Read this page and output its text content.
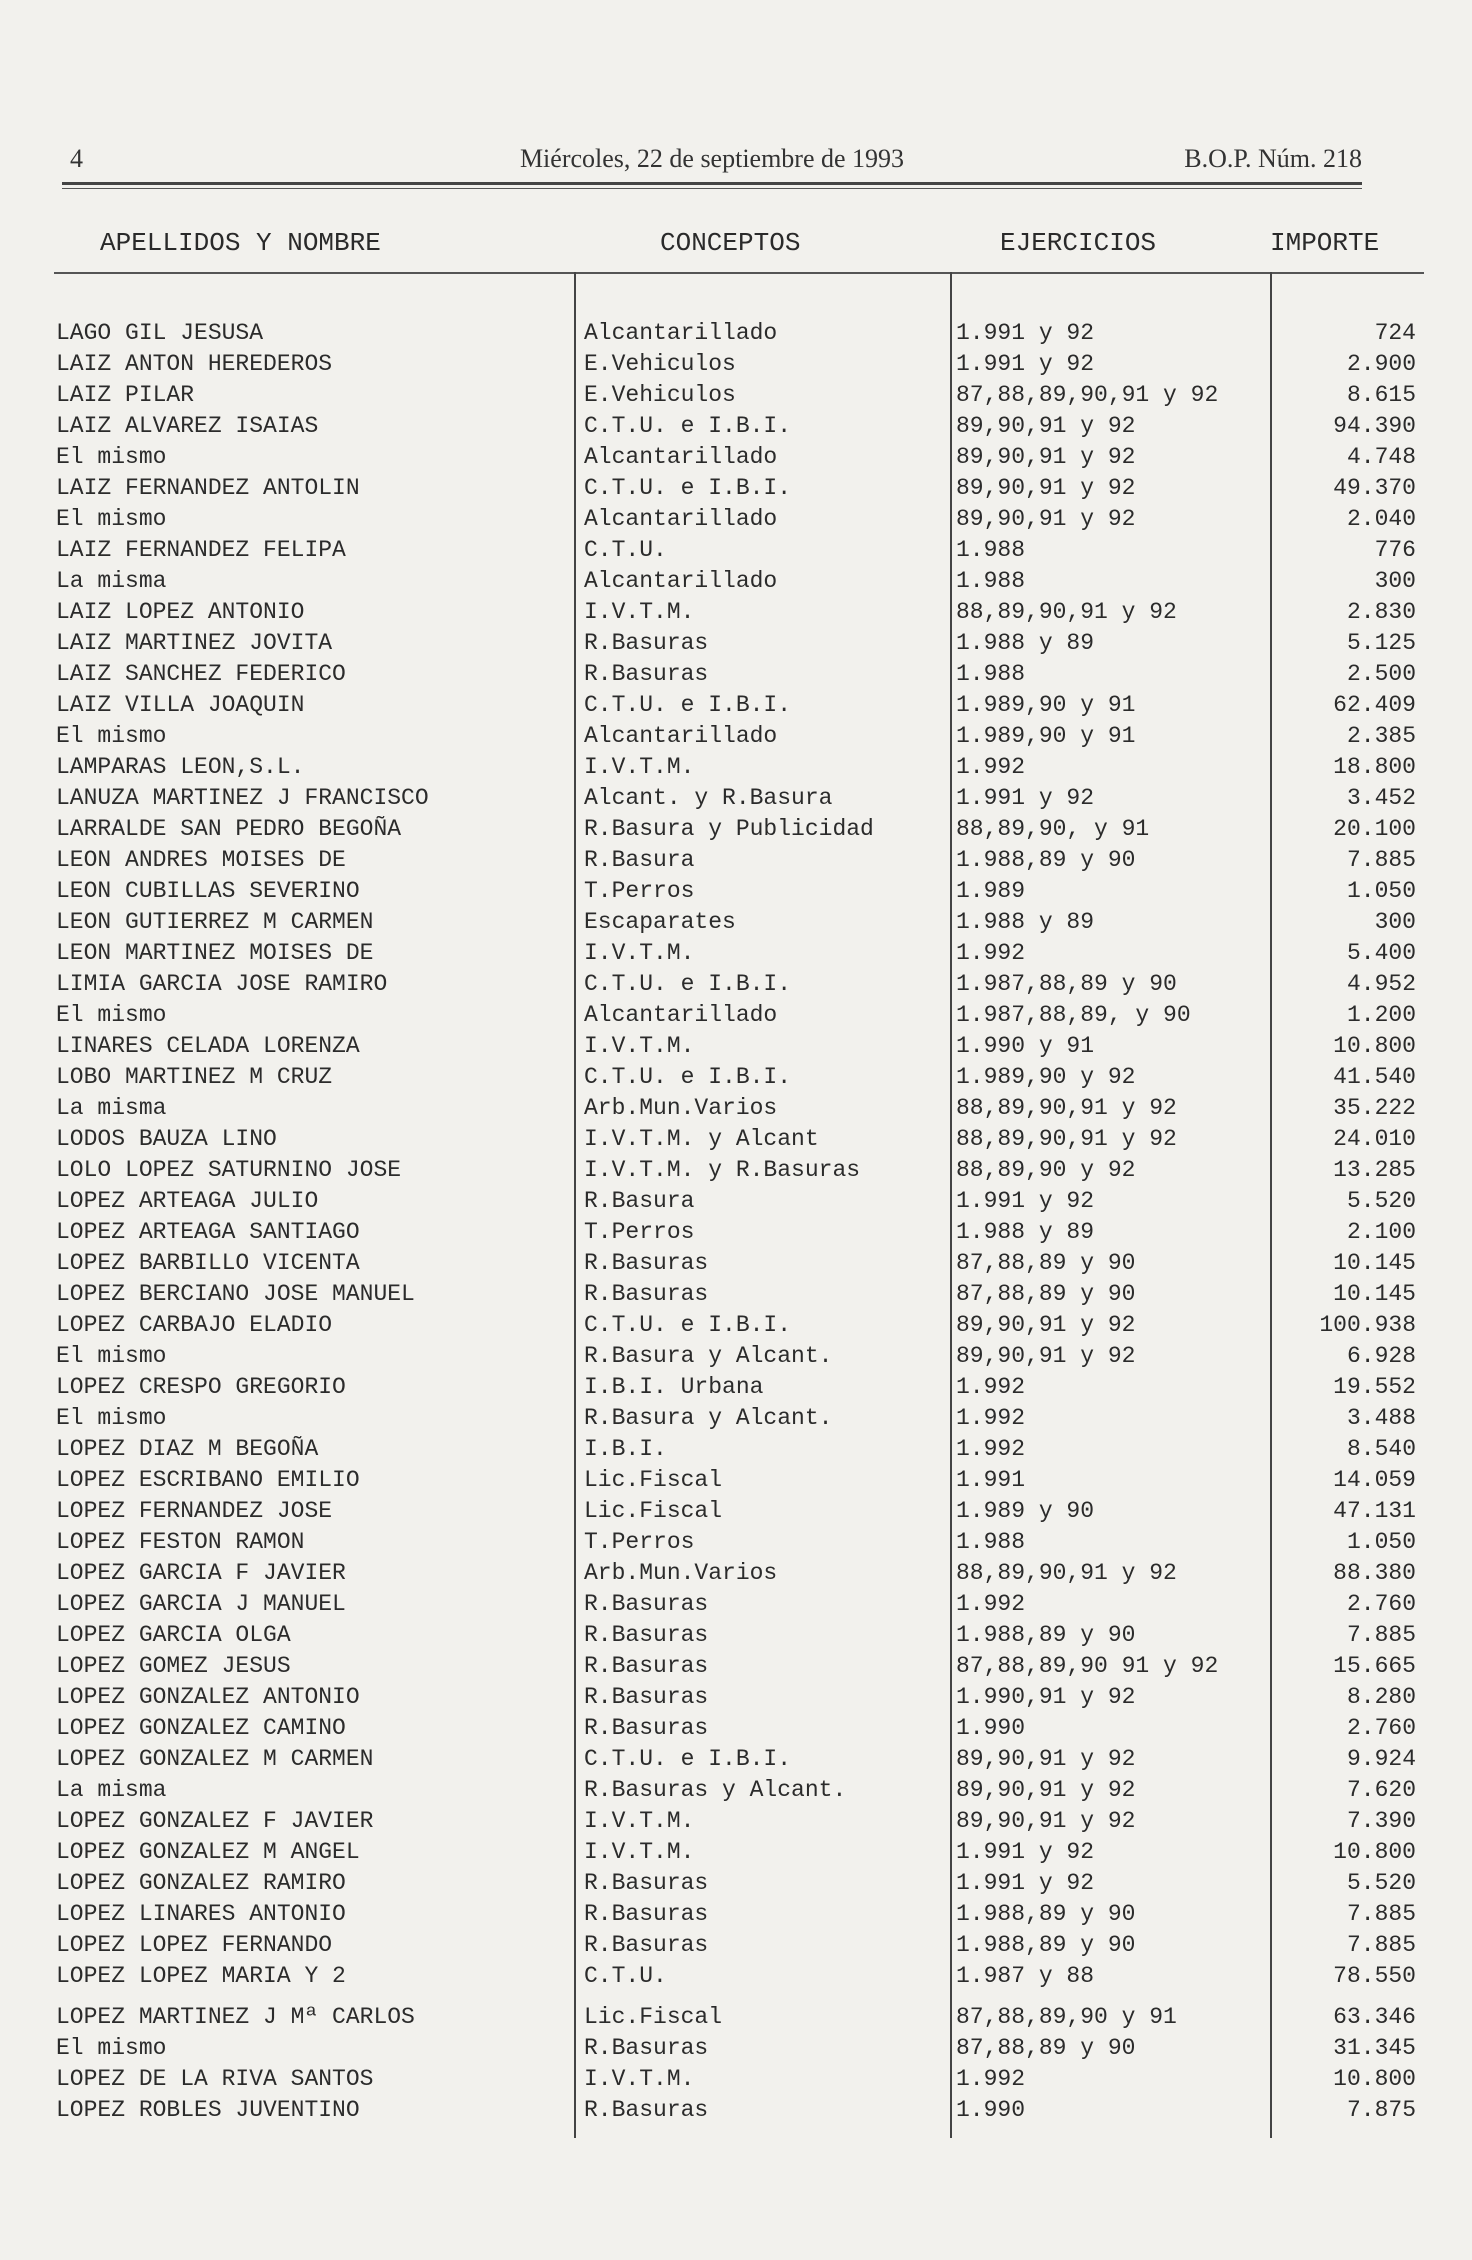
4	Miércoles, 22 de septiembre de 1993	B.O.P. Núm. 218
APELLIDOS Y NOMBRE	CONCEPTOS	EJERCICIOS	IMPORTE
LAGO GIL JESUSA	Alcantarillado	1.991 y 92	724
LAIZ ANTON HEREDEROS	E.Vehiculos	1.991 y 92	2.900
LAIZ PILAR	E.Vehiculos	87,88,89,90,91 y 92	8.615
LAIZ ALVAREZ ISAIAS	C.T.U. e I.B.I.	89,90,91 y 92	94.390
El mismo	Alcantarillado	89,90,91 y 92	4.748
LAIZ FERNANDEZ ANTOLIN	C.T.U. e I.B.I.	89,90,91 y 92	49.370
El mismo	Alcantarillado	89,90,91 y 92	2.040
LAIZ FERNANDEZ FELIPA	C.T.U.	1.988	776
La misma	Alcantarillado	1.988	300
LAIZ LOPEZ ANTONIO	I.V.T.M.	88,89,90,91 y 92	2.830
LAIZ MARTINEZ JOVITA	R.Basuras	1.988 y 89	5.125
LAIZ SANCHEZ FEDERICO	R.Basuras	1.988	2.500
LAIZ VILLA JOAQUIN	C.T.U. e I.B.I.	1.989,90 y 91	62.409
El mismo	Alcantarillado	1.989,90 y 91	2.385
LAMPARAS LEON,S.L.	I.V.T.M.	1.992	18.800
LANUZA MARTINEZ J FRANCISCO	Alcant. y R.Basura	1.991 y 92	3.452
LARRALDE SAN PEDRO BEGOÑA	R.Basura y Publicidad	88,89,90, y 91	20.100
LEON ANDRES MOISES DE	R.Basura	1.988,89 y 90	7.885
LEON CUBILLAS SEVERINO	T.Perros	1.989	1.050
LEON GUTIERREZ M CARMEN	Escaparates	1.988 y 89	300
LEON MARTINEZ MOISES DE	I.V.T.M.	1.992	5.400
LIMIA GARCIA JOSE RAMIRO	C.T.U. e I.B.I.	1.987,88,89 y 90	4.952
El mismo	Alcantarillado	1.987,88,89, y 90	1.200
LINARES CELADA LORENZA	I.V.T.M.	1.990 y 91	10.800
LOBO MARTINEZ M CRUZ	C.T.U. e I.B.I.	1.989,90 y 92	41.540
La misma	Arb.Mun.Varios	88,89,90,91 y 92	35.222
LODOS BAUZA LINO	I.V.T.M. y Alcant	88,89,90,91 y 92	24.010
LOLO LOPEZ SATURNINO JOSE	I.V.T.M. y R.Basuras	88,89,90 y 92	13.285
LOPEZ ARTEAGA JULIO	R.Basura	1.991 y 92	5.520
LOPEZ ARTEAGA SANTIAGO	T.Perros	1.988 y 89	2.100
LOPEZ BARBILLO VICENTA	R.Basuras	87,88,89 y 90	10.145
LOPEZ BERCIANO JOSE MANUEL	R.Basuras	87,88,89 y 90	10.145
LOPEZ CARBAJO ELADIO	C.T.U. e I.B.I.	89,90,91 y 92	100.938
El mismo	R.Basura y Alcant.	89,90,91 y 92	6.928
LOPEZ CRESPO GREGORIO	I.B.I. Urbana	1.992	19.552
El mismo	R.Basura y Alcant.	1.992	3.488
LOPEZ DIAZ M BEGOÑA	I.B.I.	1.992	8.540
LOPEZ ESCRIBANO EMILIO	Lic.Fiscal	1.991	14.059
LOPEZ FERNANDEZ JOSE	Lic.Fiscal	1.989 y 90	47.131
LOPEZ FESTON RAMON	T.Perros	1.988	1.050
LOPEZ GARCIA F JAVIER	Arb.Mun.Varios	88,89,90,91 y 92	88.380
LOPEZ GARCIA J MANUEL	R.Basuras	1.992	2.760
LOPEZ GARCIA OLGA	R.Basuras	1.988,89 y 90	7.885
LOPEZ GOMEZ JESUS	R.Basuras	87,88,89,90 91 y 92	15.665
LOPEZ GONZALEZ ANTONIO	R.Basuras	1.990,91 y 92	8.280
LOPEZ GONZALEZ CAMINO	R.Basuras	1.990	2.760
LOPEZ GONZALEZ M CARMEN	C.T.U. e I.B.I.	89,90,91 y 92	9.924
La misma	R.Basuras y Alcant.	89,90,91 y 92	7.620
LOPEZ GONZALEZ F JAVIER	I.V.T.M.	89,90,91 y 92	7.390
LOPEZ GONZALEZ M ANGEL	I.V.T.M.	1.991 y 92	10.800
LOPEZ GONZALEZ RAMIRO	R.Basuras	1.991 y 92	5.520
LOPEZ LINARES ANTONIO	R.Basuras	1.988,89 y 90	7.885
LOPEZ LOPEZ FERNANDO	R.Basuras	1.988,89 y 90	7.885
LOPEZ LOPEZ MARIA Y 2	C.T.U.	1.987 y 88	78.550
LOPEZ MARTINEZ J Mª CARLOS	Lic.Fiscal	87,88,89,90 y 91	63.346
El mismo	R.Basuras	87,88,89 y 90	31.345
LOPEZ DE LA RIVA SANTOS	I.V.T.M.	1.992	10.800
LOPEZ ROBLES JUVENTINO	R.Basuras	1.990	7.875
